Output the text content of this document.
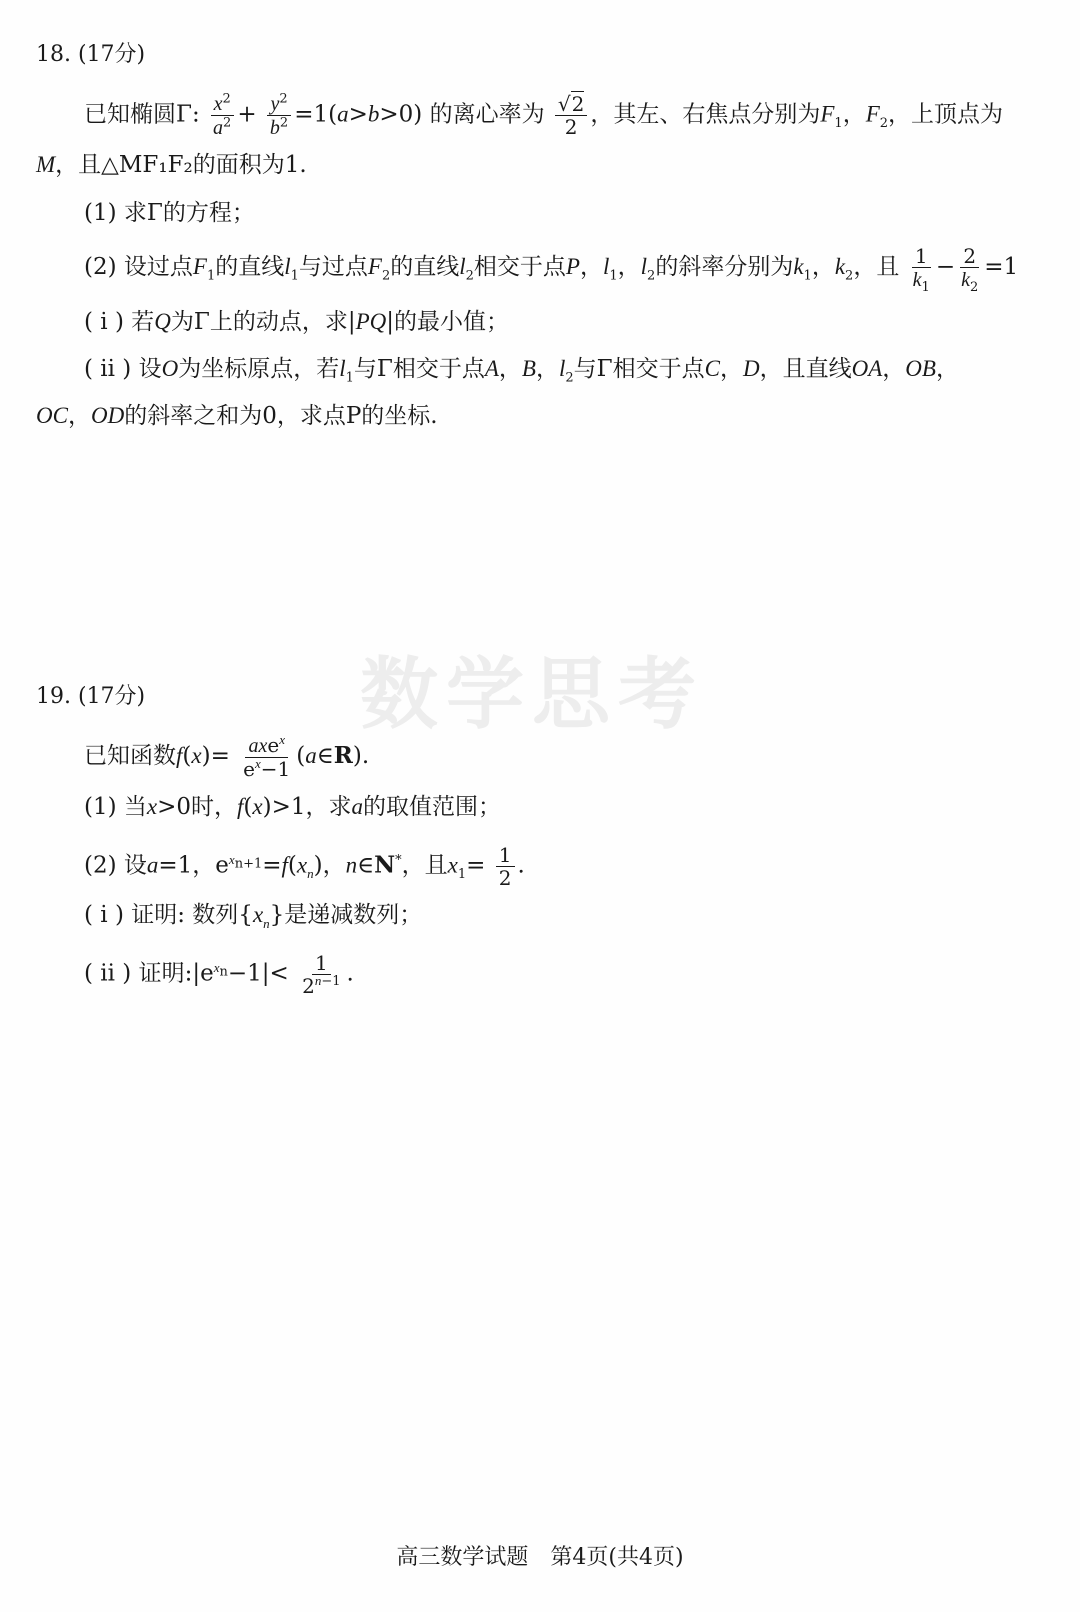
数学思考
18. (17分)
已知椭圆Γ: $\frac{x^2}{a^2} + \frac{y^2}{b^2} =1(a>b>0)$ 的离心率为 $\frac{√2}{2}$ ，其左、右焦点分别为$F_1$，$F_2$，上顶点为
M，且△MF₁F₂的面积为1.
(1) 求Γ的方程；
(2) 设过点$F_1$的直线$l_1$与过点$F_2$的直线$l_2$相交于点P，$l_1$，$l_2$的斜率分别为$k_1$，$k_2$，且 $\frac{1}{k_1} - \frac{2}{k_2} =1$
( i ) 若Q为Γ上的动点，求|PQ|的最小值；
( ii ) 设O为坐标原点，若$l_1$与Γ相交于点A，B，$l_2$与Γ相交于点C，D，且直线OA，OB，
OC，OD的斜率之和为0，求点P的坐标.
19. (17分)
已知函数$f(x)= \frac{axe^x}{e^x-1}$ (a∈R).
(1) 当x>0时，f(x)>1，求a的取值范围；
(2) 设a=1，$e^{x_{n+1}}=f(x_n)$，n∈N*，且$x_1= \frac{1}{2}$ .
( i ) 证明: 数列$\{x_n\}$是递减数列；
( ii ) 证明$:|e^{x_n}-1|< \frac{1}{2^{n-1}}$ .
高三数学试题　第4页(共4页)
